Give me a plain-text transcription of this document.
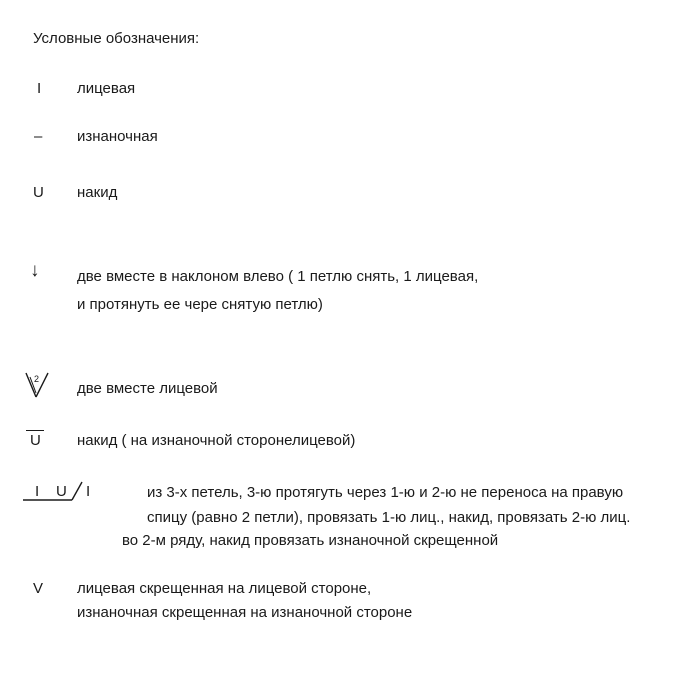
Условные обозначения:

I лицевая

– изнаночная

U накид

↓	две вместе в наклоном влево ( 1 петлю снять, 1 лицевая,

и протянуть ее чере снятую петлю)

2

две вместе лицевой

U накид ( на изнаночной сторонелицевой)

I U I	из 3-х петель, 3-ю протягуть через 1-ю и 2-ю не переноса на правую

спицу (равно 2 петли), провязать 1-ю лиц., накид, провязать 2-ю лиц.

во 2-м ряду, накид провязать изнаночной скрещенной

V лицевая скрещенная на лицевой стороне,

изнаночная скрещенная на изнаночной стороне
